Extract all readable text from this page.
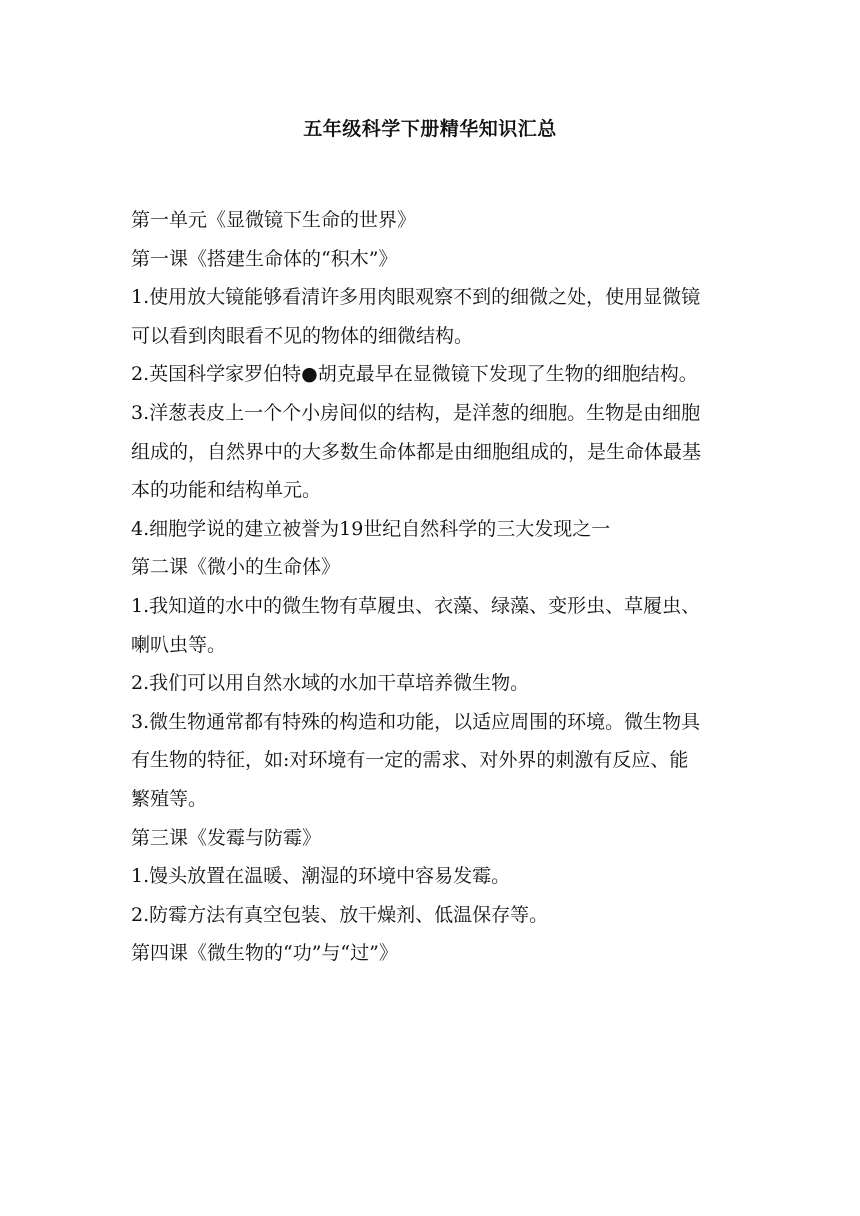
五年级科学下册精华知识汇总
第一单元《显微镜下生命的世界》
第一课《搭建生命体的“积木”》
1.使用放大镜能够看清许多用肉眼观察不到的细微之处，使用显微镜
可以看到肉眼看不见的物体的细微结构。
2.英国科学家罗伯特●胡克最早在显微镜下发现了生物的细胞结构。
3.洋葱表皮上一个个小房间似的结构，是洋葱的细胞。生物是由细胞
组成的，自然界中的大多数生命体都是由细胞组成的，是生命体最基
本的功能和结构单元。
4.细胞学说的建立被誉为19世纪自然科学的三大发现之一
第二课《微小的生命体》
1.我知道的水中的微生物有草履虫、衣藻、绿藻、变形虫、草履虫、
喇叭虫等。
2.我们可以用自然水域的水加干草培养微生物。
3.微生物通常都有特殊的构造和功能，以适应周围的环境。微生物具
有生物的特征，如:对环境有一定的需求、对外界的刺激有反应、能
繁殖等。
第三课《发霉与防霉》
1.馒头放置在温暖、潮湿的环境中容易发霉。
2.防霉方法有真空包装、放干燥剂、低温保存等。
第四课《微生物的“功”与“过”》
